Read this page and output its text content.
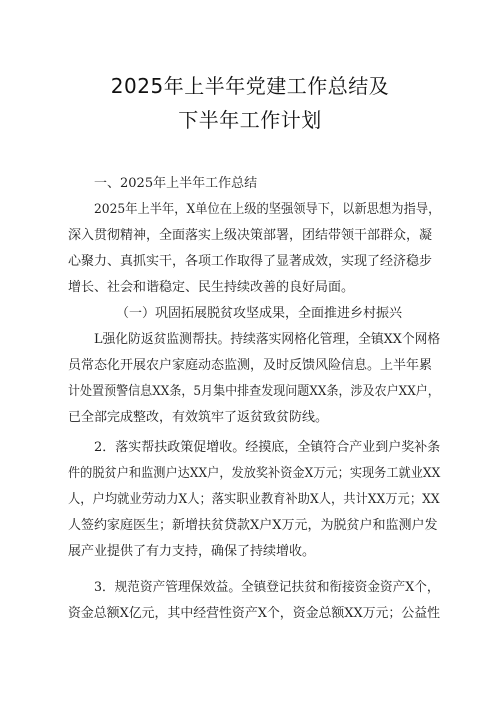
2025年上半年党建工作总结及
下半年工作计划
一、2025年上半年工作总结
2025年上半年，X单位在上级的坚强领导下，以新思想为指导，
深入贯彻精神，全面落实上级决策部署，团结带领干部群众，凝
心聚力、真抓实干，各项工作取得了显著成效，实现了经济稳步
增长、社会和谐稳定、民生持续改善的良好局面。
（一）巩固拓展脱贫攻坚成果，全面推进乡村振兴
L强化防返贫监测帮扶。持续落实网格化管理，全镇XX个网格
员常态化开展农户家庭动态监测，及时反馈风险信息。上半年累
计处置预警信息XX条，5月集中排查发现问题XX条，涉及农户XX户，
已全部完成整改，有效筑牢了返贫致贫防线。
2．落实帮扶政策促增收。经摸底，全镇符合产业到户奖补条
件的脱贫户和监测户达XX户，发放奖补资金X万元；实现务工就业XX
人，户均就业劳动力X人；落实职业教育补助X人，共计XX万元；XX
人签约家庭医生；新增扶贫贷款X户X万元，为脱贫户和监测户发
展产业提供了有力支持，确保了持续增收。
3．规范资产管理保效益。全镇登记扶贫和衔接资金资产X个，
资金总额X亿元，其中经营性资产X个，资金总额XX万元；公益性
